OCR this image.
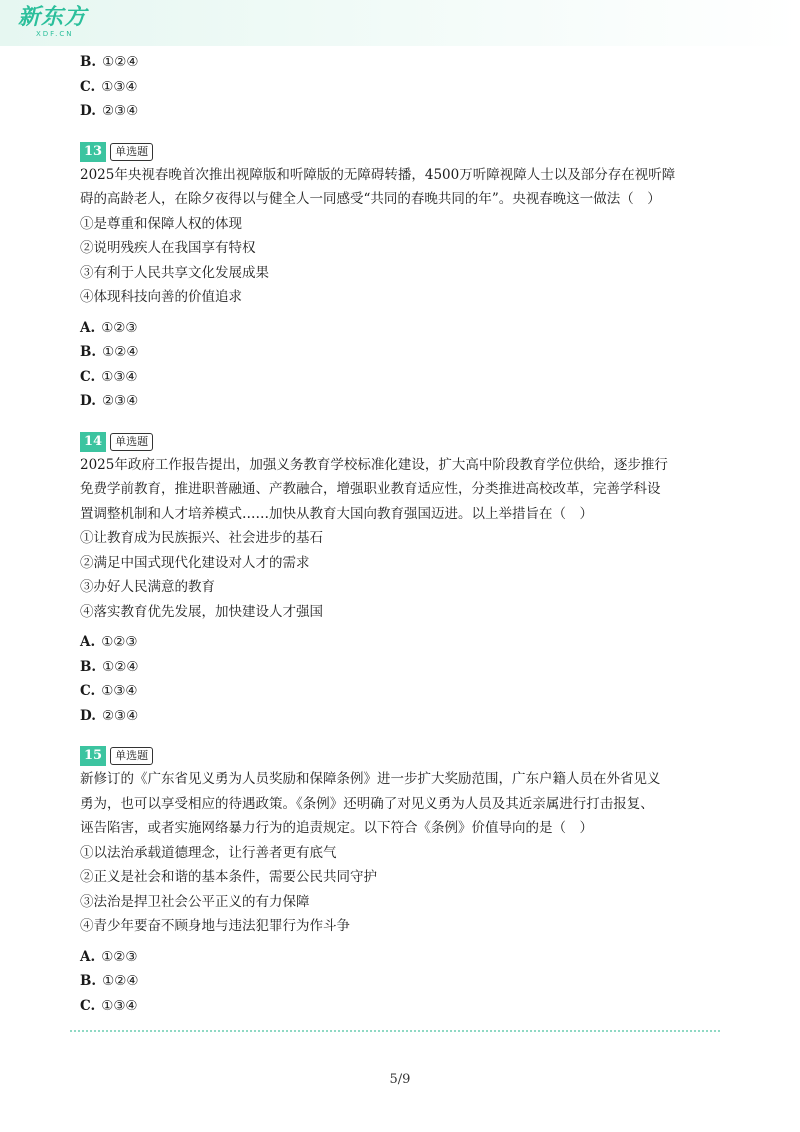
新东方
XDF.CN
B. ①②④
C. ①③④
D. ②③④
13	单选题
2025年央视春晚首次推出视障版和听障版的无障碍转播，4500万听障视障人士以及部分存在视听障
碍的高龄老人，在除夕夜得以与健全人一同感受“共同的春晚共同的年”。央视春晚这一做法（　）
①是尊重和保障人权的体现
②说明残疾人在我国享有特权
③有利于人民共享文化发展成果
④体现科技向善的价值追求
A. ①②③
B. ①②④
C. ①③④
D. ②③④
14	单选题
2025年政府工作报告提出，加强义务教育学校标准化建设，扩大高中阶段教育学位供给，逐步推行
免费学前教育，推进职普融通、产教融合，增强职业教育适应性，分类推进高校改革，完善学科设
置调整机制和人才培养模式……加快从教育大国向教育强国迈进。以上举措旨在（　）
①让教育成为民族振兴、社会进步的基石
②满足中国式现代化建设对人才的需求
③办好人民满意的教育
④落实教育优先发展，加快建设人才强国
A. ①②③
B. ①②④
C. ①③④
D. ②③④
15	单选题
新修订的《广东省见义勇为人员奖励和保障条例》进一步扩大奖励范围，广东户籍人员在外省见义
勇为，也可以享受相应的待遇政策。《条例》还明确了对见义勇为人员及其近亲属进行打击报复、
诬告陷害，或者实施网络暴力行为的追责规定。以下符合《条例》价值导向的是（　）
①以法治承载道德理念，让行善者更有底气
②正义是社会和谐的基本条件，需要公民共同守护
③法治是捍卫社会公平正义的有力保障
④青少年要奋不顾身地与违法犯罪行为作斗争
A. ①②③
B. ①②④
C. ①③④
5/9
